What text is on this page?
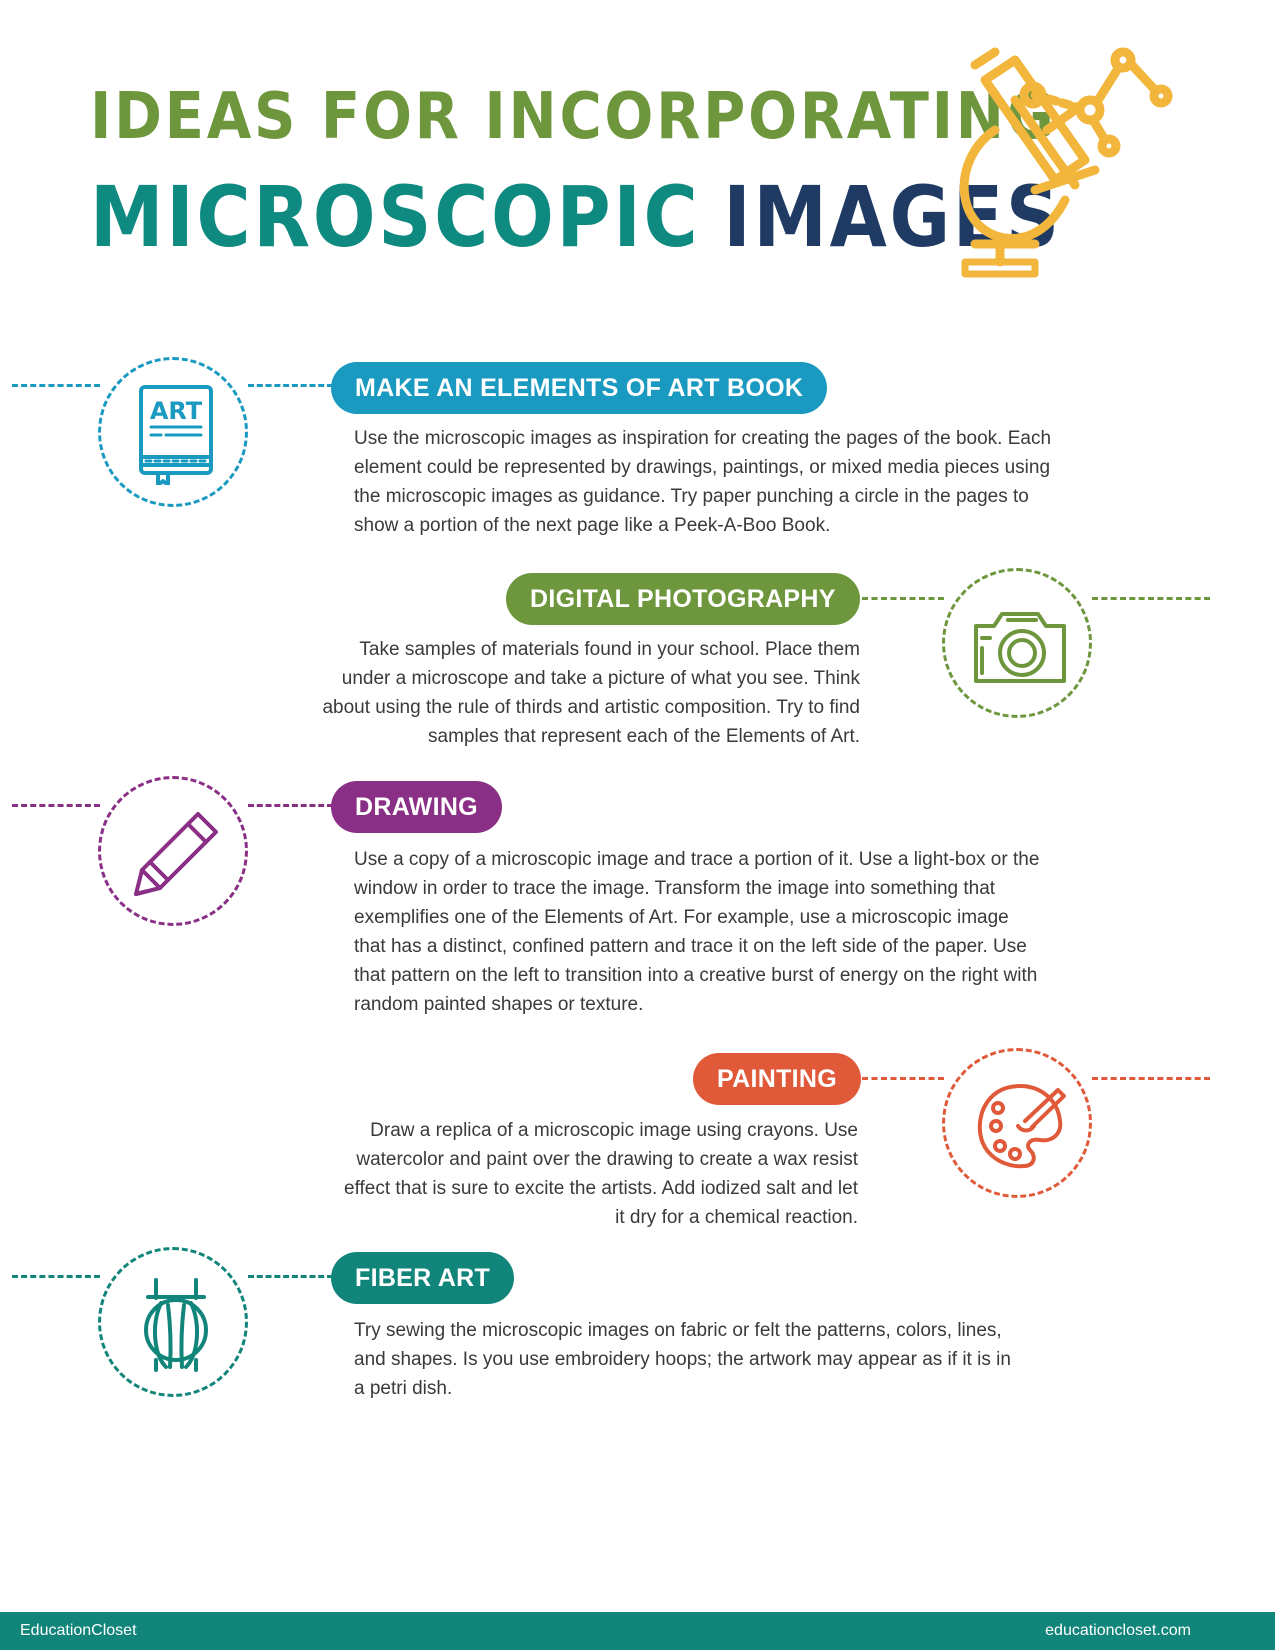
IDEAS FOR INCORPORATING
MICROSCOPIC IMAGES
ART
MAKE AN ELEMENTS OF ART BOOK

Use the microscopic images as inspiration for creating the pages of the book. Each element could be represented by drawings, paintings, or mixed media pieces using the microscopic images as guidance. Try paper punching a circle in the pages to show a portion of the next page like a Peek-A-Boo Book.

DIGITAL PHOTOGRAPHY

Take samples of materials found in your school. Place them under a microscope and take a picture of what you see. Think about using the rule of thirds and artistic composition. Try to find samples that represent each of the Elements of Art.

DRAWING

Use a copy of a microscopic image and trace a portion of it. Use a light-box or the window in order to trace the image. Transform the image into something that exemplifies one of the Elements of Art. For example, use a microscopic image that has a distinct, confined pattern and trace it on the left side of the paper. Use that pattern on the left to transition into a creative burst of energy on the right with random painted shapes or texture.

PAINTING

Draw a replica of a microscopic image using crayons. Use watercolor and paint over the drawing to create a wax resist effect that is sure to excite the artists. Add iodized salt and let it dry for a chemical reaction.

FIBER ART

Try sewing the microscopic images on fabric or felt the patterns, colors, lines, and shapes. Is you use embroidery hoops; the artwork may appear as if it is in a petri dish.

EducationCloset	educationcloset.com
